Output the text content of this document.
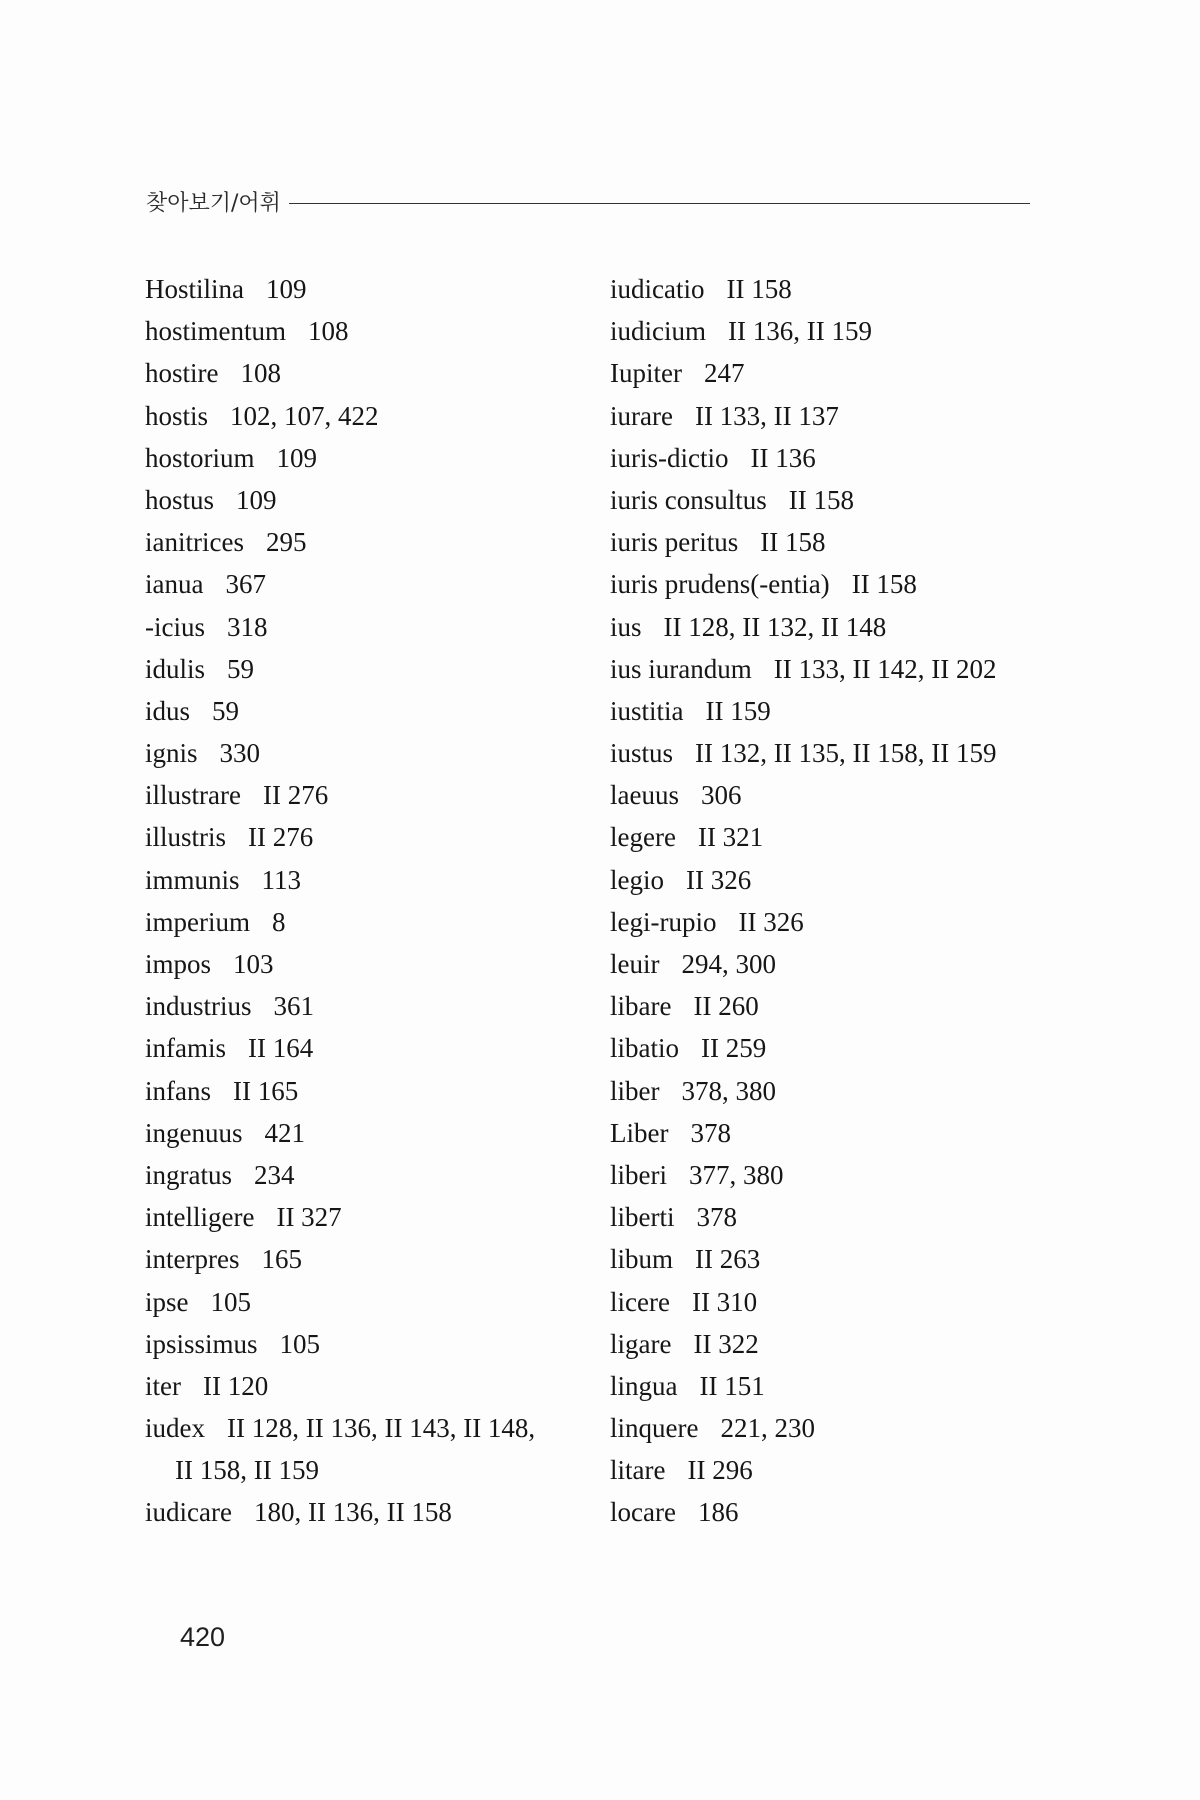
찾아보기/어휘
Hostilina 109
hostimentum 108
hostire 108
hostis 102, 107, 422
hostorium 109
hostus 109
ianitrices 295
ianua 367
-icius 318
idulis 59
idus 59
ignis 330
illustrare II 276
illustris II 276
immunis 113
imperium 8
impos 103
industrius 361
infamis II 164
infans II 165
ingenuus 421
ingratus 234
intelligere II 327
interpres 165
ipse 105
ipsissimus 105
iter II 120
iudex II 128, II 136, II 143, II 148,
II 158, II 159
iudicare 180, II 136, II 158
iudicatio II 158
iudicium II 136, II 159
Iupiter 247
iurare II 133, II 137
iuris-dictio II 136
iuris consultus II 158
iuris peritus II 158
iuris prudens(-entia) II 158
ius II 128, II 132, II 148
ius iurandum II 133, II 142, II 202
iustitia II 159
iustus II 132, II 135, II 158, II 159
laeuus 306
legere II 321
legio II 326
legi-rupio II 326
leuir 294, 300
libare II 260
libatio II 259
liber 378, 380
Liber 378
liberi 377, 380
liberti 378
libum II 263
licere II 310
ligare II 322
lingua II 151
linquere 221, 230
litare II 296
locare 186
420
